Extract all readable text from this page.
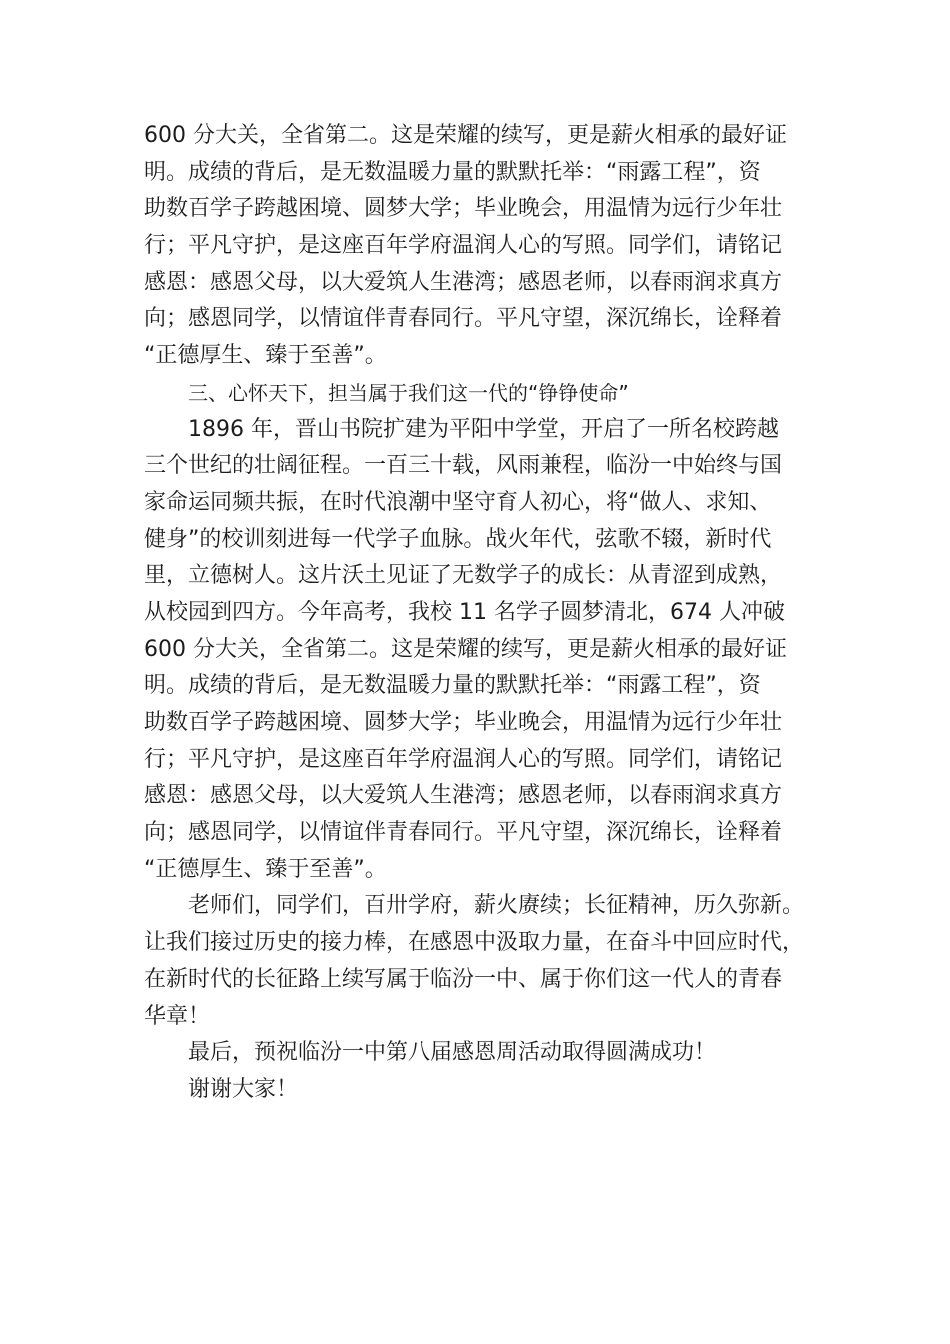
600 分大关，全省第二。这是荣耀的续写，更是薪火相承的最好证
明。成绩的背后，是无数温暖力量的默默托举：“雨露工程”，资
助数百学子跨越困境、圆梦大学；毕业晚会，用温情为远行少年壮
行；平凡守护，是这座百年学府温润人心的写照。同学们，请铭记
感恩：感恩父母，以大爱筑人生港湾；感恩老师，以春雨润求真方
向；感恩同学，以情谊伴青春同行。平凡守望，深沉绵长，诠释着
“正德厚生、臻于至善”。
三、心怀天下，担当属于我们这一代的“铮铮使命”
1896 年，晋山书院扩建为平阳中学堂，开启了一所名校跨越
三个世纪的壮阔征程。一百三十载，风雨兼程，临汾一中始终与国
家命运同频共振，在时代浪潮中坚守育人初心，将“做人、求知、
健身”的校训刻进每一代学子血脉。战火年代，弦歌不辍，新时代
里，立德树人。这片沃土见证了无数学子的成长：从青涩到成熟，
从校园到四方。今年高考，我校 11 名学子圆梦清北，674 人冲破
600 分大关，全省第二。这是荣耀的续写，更是薪火相承的最好证
明。成绩的背后，是无数温暖力量的默默托举：“雨露工程”，资
助数百学子跨越困境、圆梦大学；毕业晚会，用温情为远行少年壮
行；平凡守护，是这座百年学府温润人心的写照。同学们，请铭记
感恩：感恩父母，以大爱筑人生港湾；感恩老师，以春雨润求真方
向；感恩同学，以情谊伴青春同行。平凡守望，深沉绵长，诠释着
“正德厚生、臻于至善”。
老师们，同学们，百卅学府，薪火赓续；长征精神，历久弥新。
让我们接过历史的接力棒，在感恩中汲取力量，在奋斗中回应时代，
在新时代的长征路上续写属于临汾一中、属于你们这一代人的青春
华章！
最后，预祝临汾一中第八届感恩周活动取得圆满成功！
谢谢大家！
